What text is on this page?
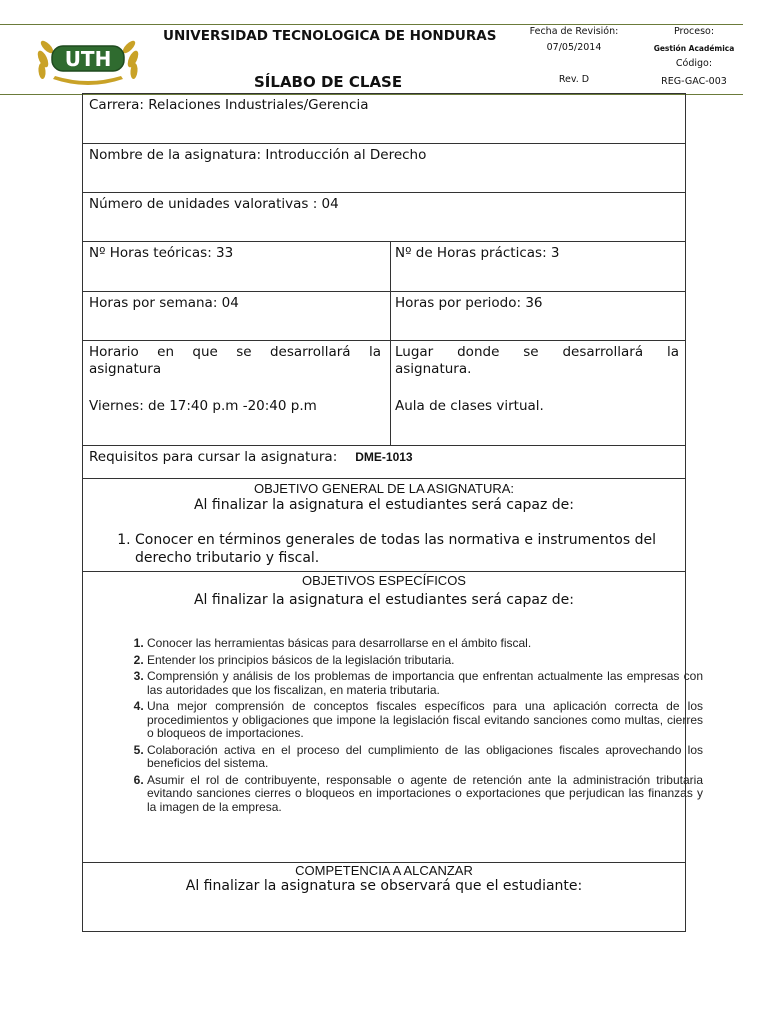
UTH
UNIVERSIDAD TECNOLOGICA DE HONDURAS
SÍLABO DE CLASE
Fecha de Revisión:
07/05/2014
Rev. D
Proceso:
Gestión Académica
Código:
REG-GAC-003
Carrera: Relaciones Industriales/Gerencia
Nombre de la asignatura: Introducción al Derecho
Número de unidades valorativas : 04
Nº Horas teóricas: 33	Nº de Horas prácticas: 3
Horas por semana: 04	Horas por periodo: 36
Horario en que se desarrollará la
asignatura
Viernes: de 17:40 p.m -20:40 p.m
Lugar donde se desarrollará la
asignatura.
Aula de clases virtual.
Requisitos para cursar la asignatura: DME-1013
OBJETIVO GENERAL DE LA ASIGNATURA:
Al finalizar la asignatura el estudiantes será capaz de:
1. Conocer en términos generales de todas las normativa e instrumentos del derecho tributario y fiscal.
OBJETIVOS ESPECÍFICOS
Al finalizar la asignatura el estudiantes será capaz de:
1. Conocer las herramientas básicas para desarrollarse en el ámbito fiscal.
2. Entender los principios básicos de la legislación tributaria.
3. Comprensión y análisis de los problemas de importancia que enfrentan actualmente las empresas con las autoridades que los fiscalizan, en materia tributaria.
4. Una mejor comprensión de conceptos fiscales específicos para una aplicación correcta de los procedimientos y obligaciones que impone la legislación fiscal evitando sanciones como multas, cierres o bloqueos de importaciones.
5. Colaboración activa en el proceso del cumplimiento de las obligaciones fiscales aprovechando los beneficios del sistema.
6. Asumir el rol de contribuyente, responsable o agente de retención ante la administración tributaria evitando sanciones cierres o bloqueos en importaciones o exportaciones que perjudican las finanzas y la imagen de la empresa.
COMPETENCIA A ALCANZAR
Al finalizar la asignatura se observará que el estudiante:
